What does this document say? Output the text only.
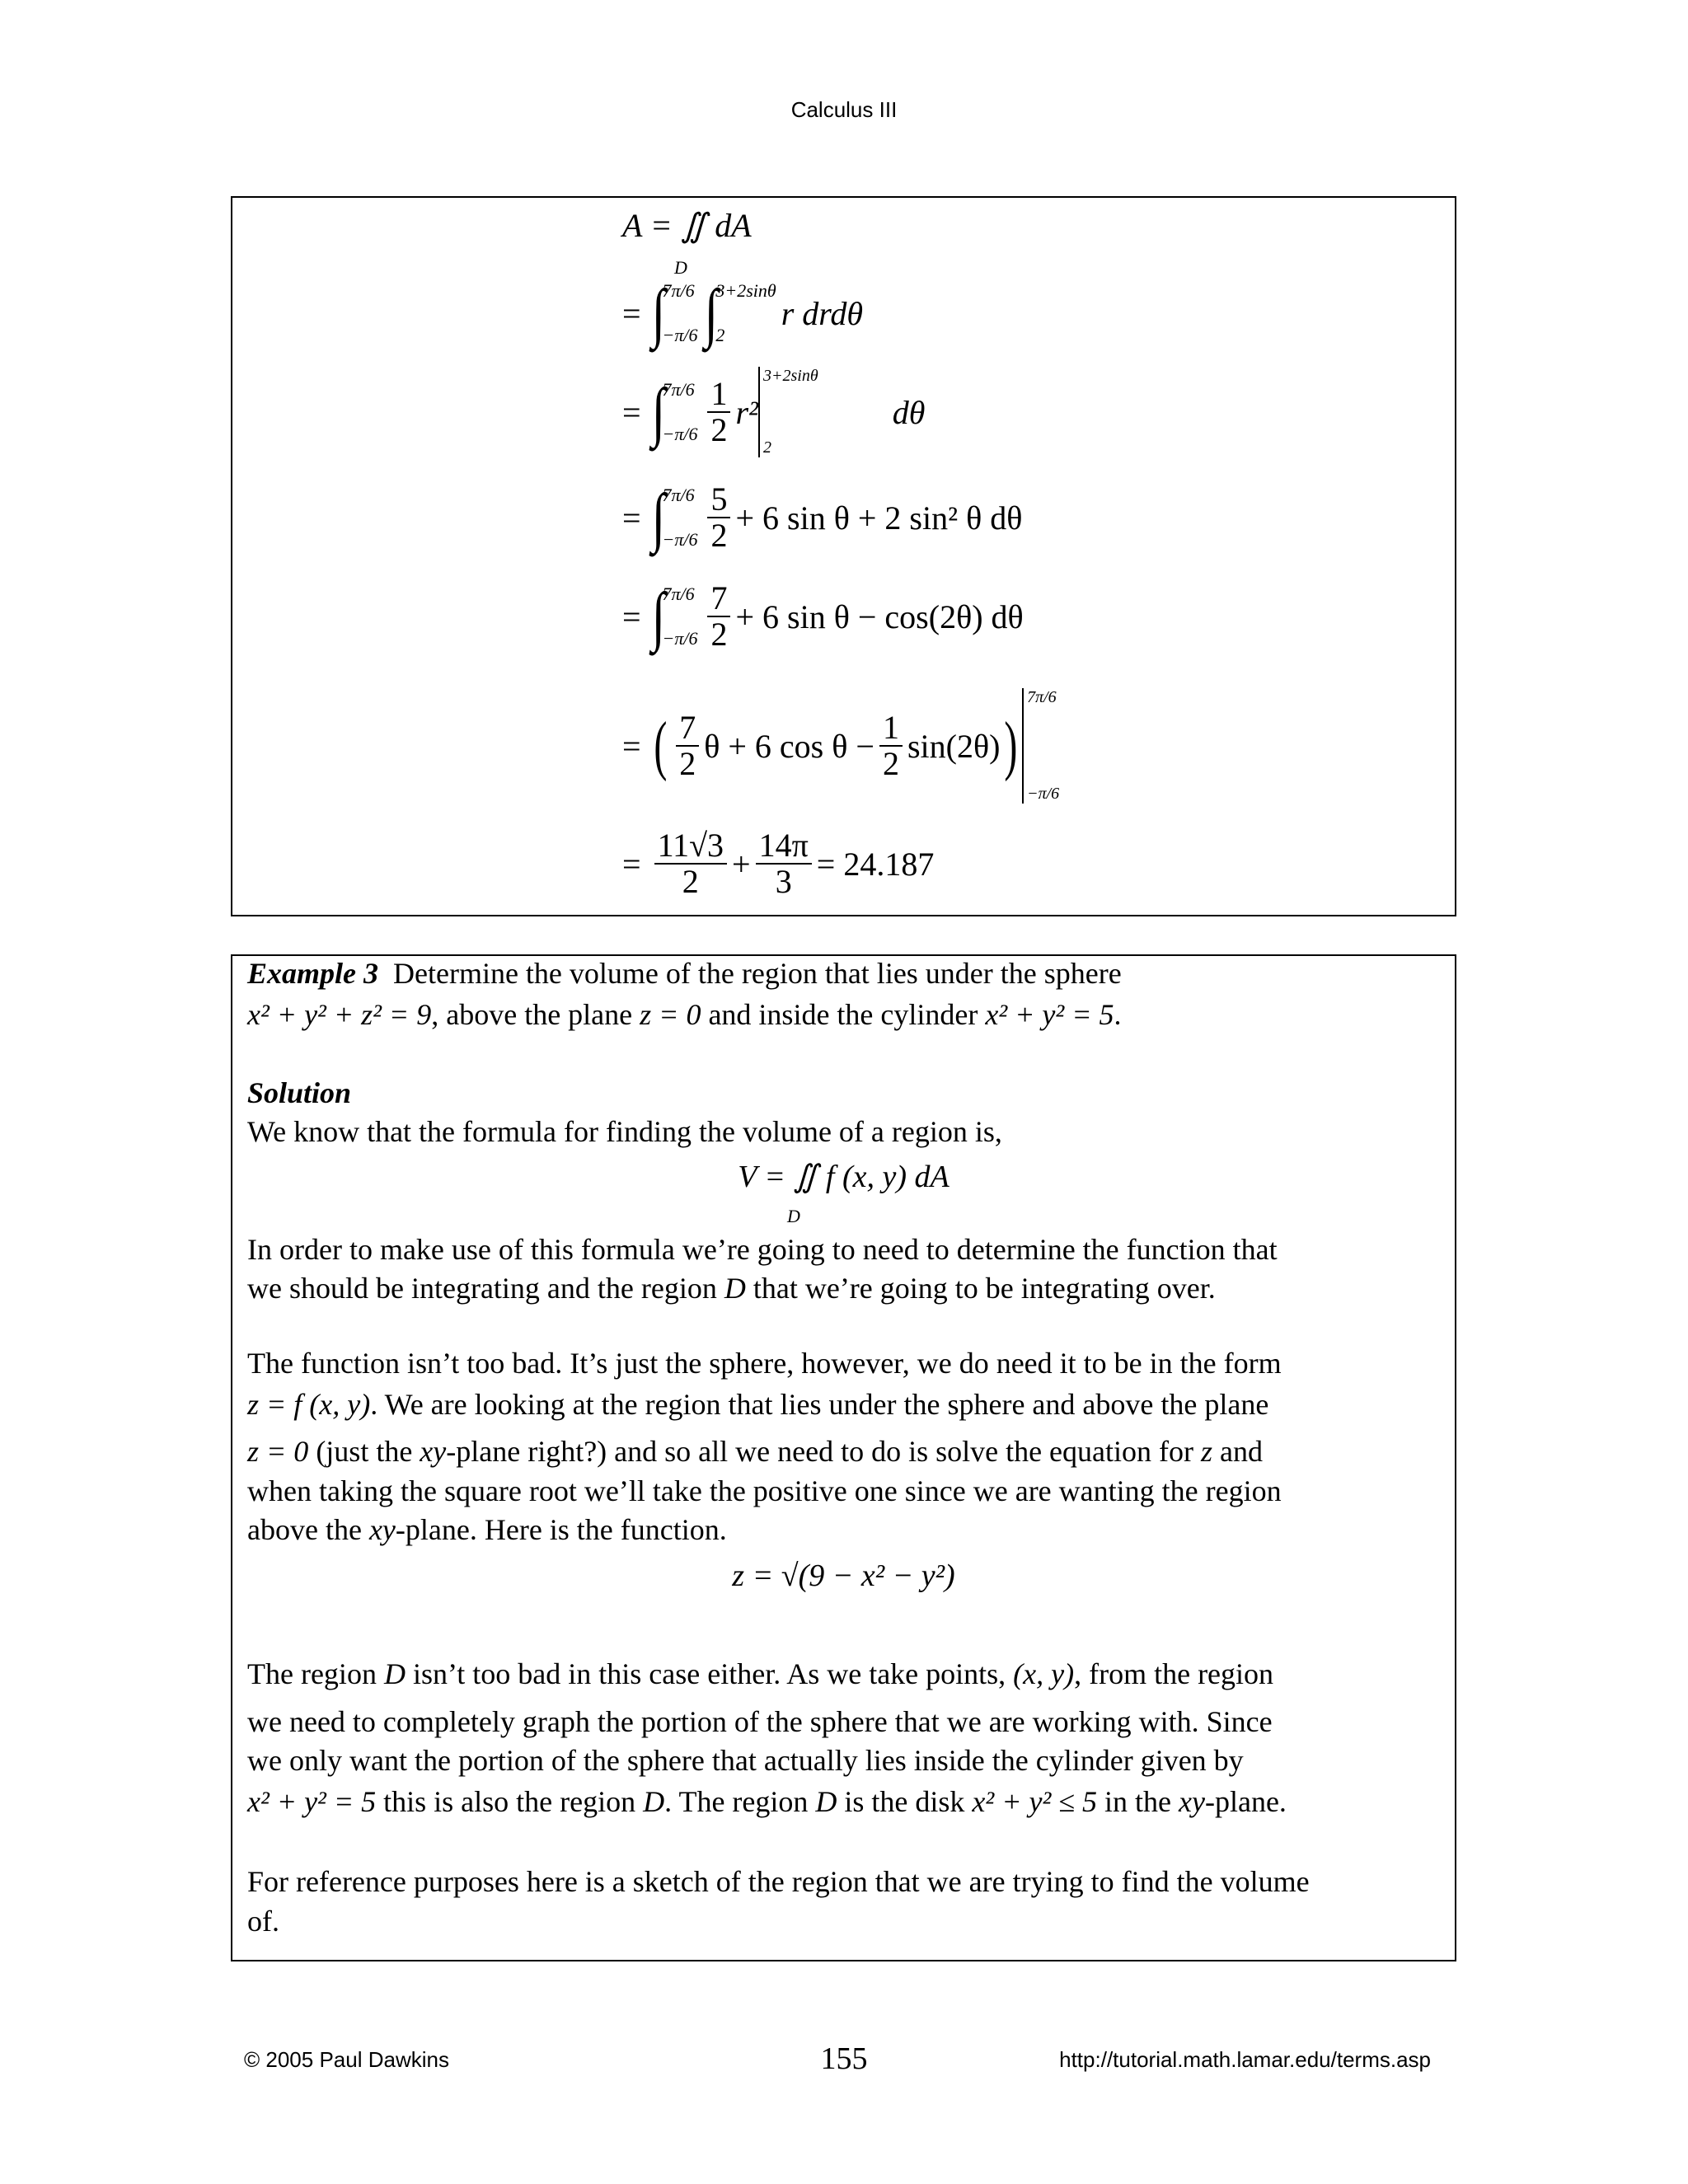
Calculus III
A = ∬ dA
D
= ∫
7π/6
−π/6 ∫
3+2sinθ
2
r drdθ
= ∫
7π/6
$-\pi/6 \frac{1}{2} r^2$
3+2sinθ
2
dθ
= ∫
7π/6
$-\pi/6 \frac{5}{2} + 6$ sin θ + 2 sin² θ dθ
= ∫
7π/6
$-\pi/6 \frac{7}{2} + 6$ sin θ − cos(2θ) dθ
= ( $\frac{7}{2}$ θ + 6 $\cos \theta - \frac{1}{2} \sin(2\theta)$ )
7π/6
−π/6
= $\frac{11√3}{2} + \frac{14\pi}{3} = 24.187$
Example 3 Determine the volume of the region that lies under the sphere
x² + y² + z² = 9, above the plane z = 0 and inside the cylinder x² + y² = 5.
Solution
We know that the formula for finding the volume of a region is,
V = ∬ f (x, y) dA
D
In order to make use of this formula we’re going to need to determine the function that
we should be integrating and the region D that we’re going to be integrating over.
The function isn’t too bad. It’s just the sphere, however, we do need it to be in the form
z = f (x, y). We are looking at the region that lies under the sphere and above the plane
z = 0 (just the xy-plane right?) and so all we need to do is solve the equation for z and
when taking the square root we’ll take the positive one since we are wanting the region
above the xy-plane. Here is the function.
z = √(9 − x² − y²)
The region D isn’t too bad in this case either. As we take points, (x, y), from the region
we need to completely graph the portion of the sphere that we are working with. Since
we only want the portion of the sphere that actually lies inside the cylinder given by
x² + y² = 5 this is also the region D. The region D is the disk x² + y² ≤ 5 in the xy-plane.
For reference purposes here is a sketch of the region that we are trying to find the volume
of.
© 2005 Paul Dawkins	155	http://tutorial.math.lamar.edu/terms.asp
